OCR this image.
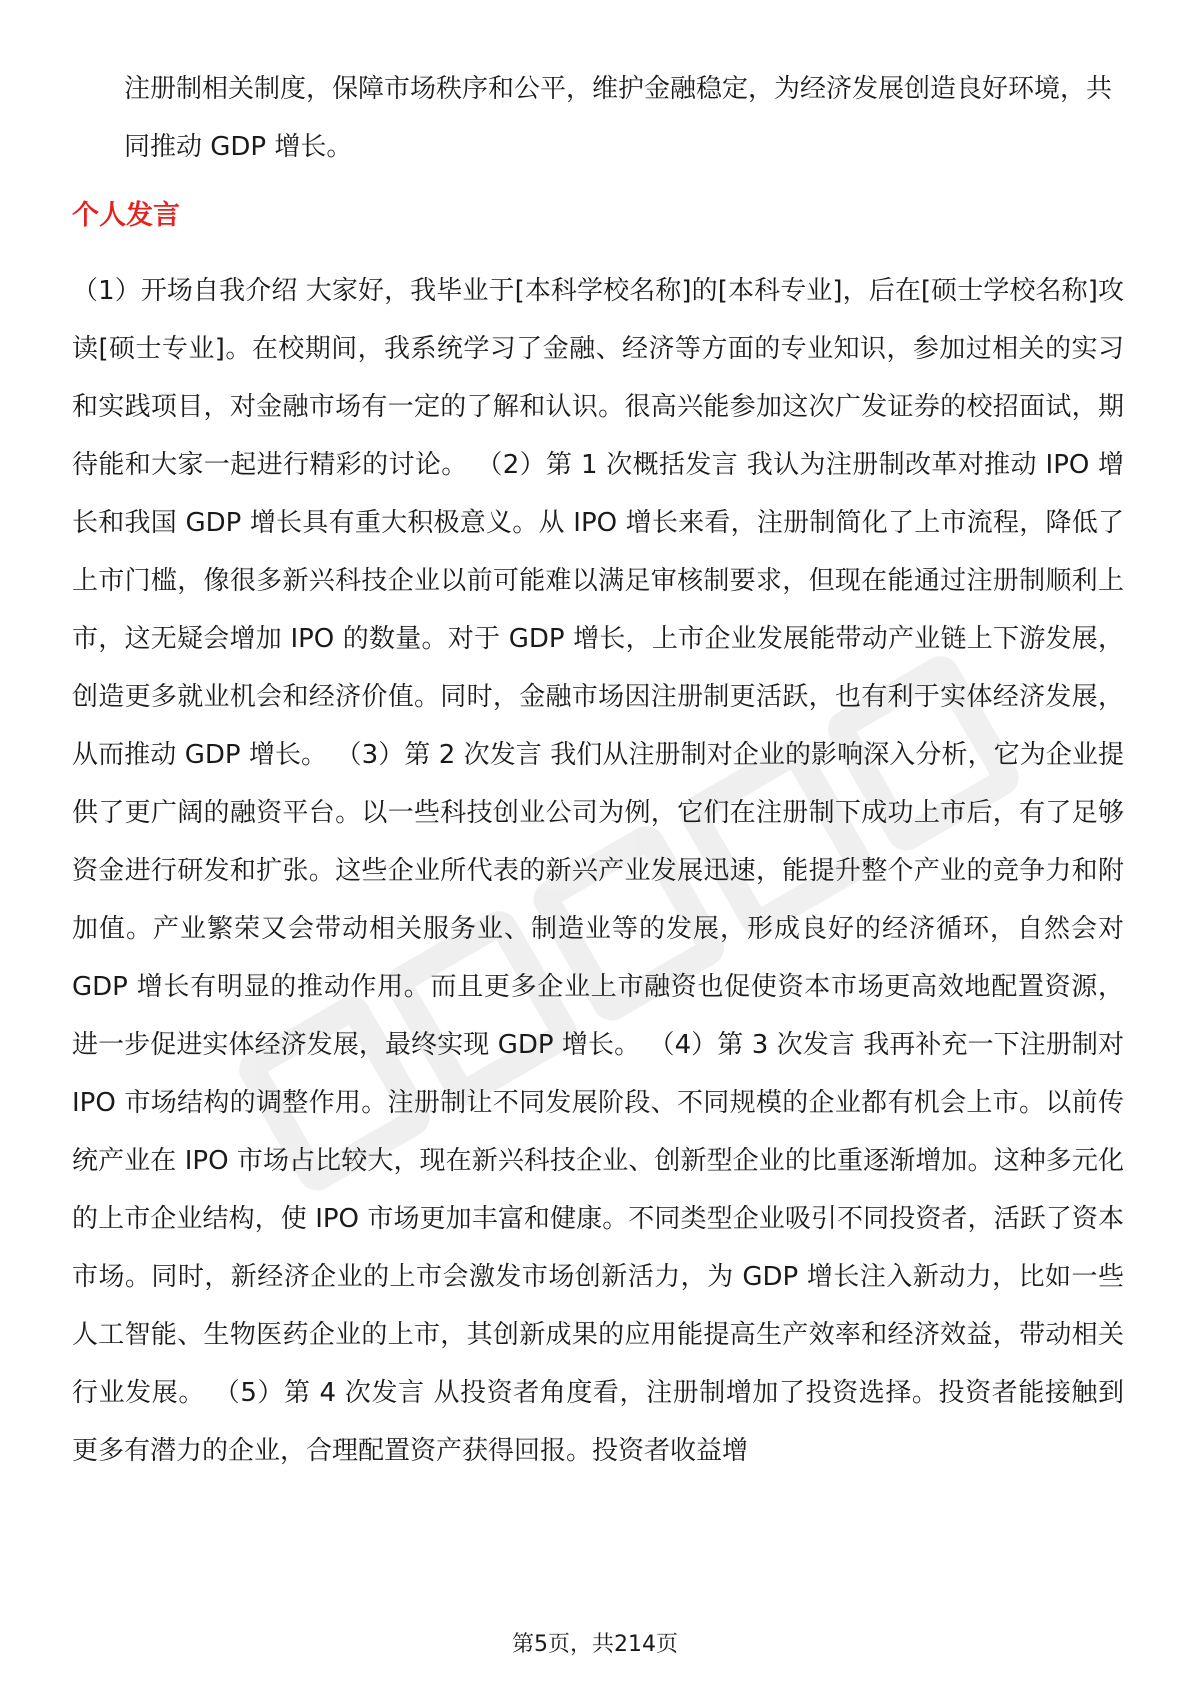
注册制相关制度，保障市场秩序和公平，维护金融稳定，为经济发展创造良好环境，共同推动 GDP 增长。

个人发言

（1）开场自我介绍 大家好，我毕业于[本科学校名称]的[本科专业]，后在[硕士学校名称]攻读[硕士专业]。在校期间，我系统学习了金融、经济等方面的专业知识，参加过相关的实习和实践项目，对金融市场有一定的了解和认识。很高兴能参加这次广发证券的校招面试，期待能和大家一起进行精彩的讨论。 （2）第 1 次概括发言 我认为注册制改革对推动 IPO 增长和我国 GDP 增长具有重大积极意义。从 IPO 增长来看，注册制简化了上市流程，降低了上市门槛，像很多新兴科技企业以前可能难以满足审核制要求，但现在能通过注册制顺利上市，这无疑会增加 IPO 的数量。对于 GDP 增长，上市企业发展能带动产业链上下游发展，创造更多就业机会和经济价值。同时，金融市场因注册制更活跃，也有利于实体经济发展，从而推动 GDP 增长。 （3）第 2 次发言 我们从注册制对企业的影响深入分析，它为企业提供了更广阔的融资平台。以一些科技创业公司为例，它们在注册制下成功上市后，有了足够资金进行研发和扩张。这些企业所代表的新兴产业发展迅速，能提升整个产业的竞争力和附加值。产业繁荣又会带动相关服务业、制造业等的发展，形成良好的经济循环，自然会对 GDP 增长有明显的推动作用。而且更多企业上市融资也促使资本市场更高效地配置资源，进一步促进实体经济发展，最终实现 GDP 增长。 （4）第 3 次发言 我再补充一下注册制对 IPO 市场结构的调整作用。注册制让不同发展阶段、不同规模的企业都有机会上市。以前传统产业在 IPO 市场占比较大，现在新兴科技企业、创新型企业的比重逐渐增加。这种多元化的上市企业结构，使 IPO 市场更加丰富和健康。不同类型企业吸引不同投资者，活跃了资本市场。同时，新经济企业的上市会激发市场创新活力，为 GDP 增长注入新动力，比如一些人工智能、生物医药企业的上市，其创新成果的应用能提高生产效率和经济效益，带动相关行业发展。 （5）第 4 次发言 从投资者角度看，注册制增加了投资选择。投资者能接触到更多有潜力的企业，合理配置资产获得回报。投资者收益增

第5页，共214页
